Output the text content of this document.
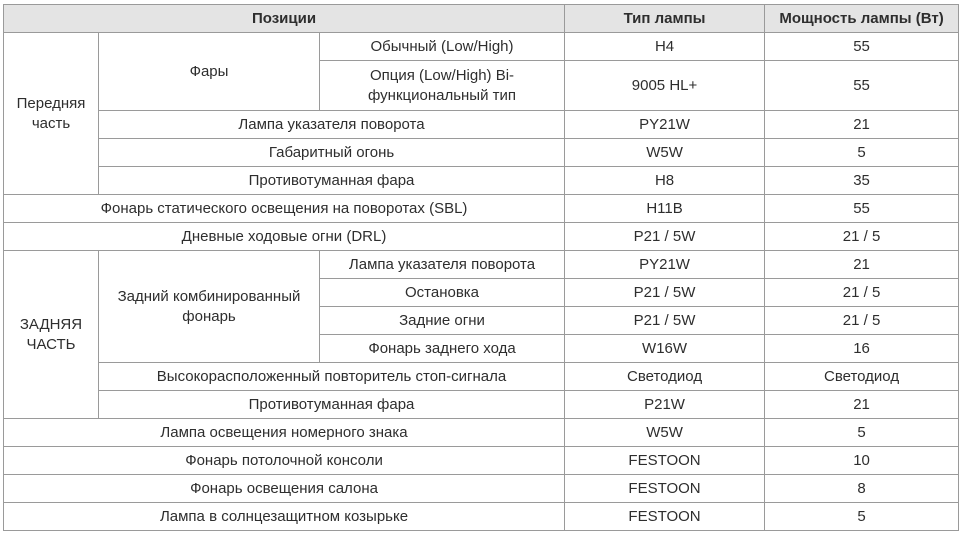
Позиции			Тип лампы	Мощность лампы (Вт)
Передняя часть	Фары	Обычный (Low/High)	H4	55
		Опция (Low/High) Bi-функциональный тип	9005 HL+	55
	Лампа указателя поворота		PY21W	21
	Габаритный огонь		W5W	5
	Противотуманная фара		H8	35
Фонарь статического освещения на поворотах (SBL)			H11B	55
Дневные ходовые огни (DRL)			P21 / 5W	21 / 5
ЗАДНЯЯ ЧАСТЬ	Задний комбинированный фонарь	Лампа указателя поворота	PY21W	21
		Остановка	P21 / 5W	21 / 5
		Задние огни	P21 / 5W	21 / 5
		Фонарь заднего хода	W16W	16
	Высокорасположенный повторитель стоп-сигнала		Светодиод	Светодиод
	Противотуманная фара		P21W	21
Лампа освещения номерного знака			W5W	5
Фонарь потолочной консоли			FESTOON	10
Фонарь освещения салона			FESTOON	8
Лампа в солнцезащитном козырьке			FESTOON	5
